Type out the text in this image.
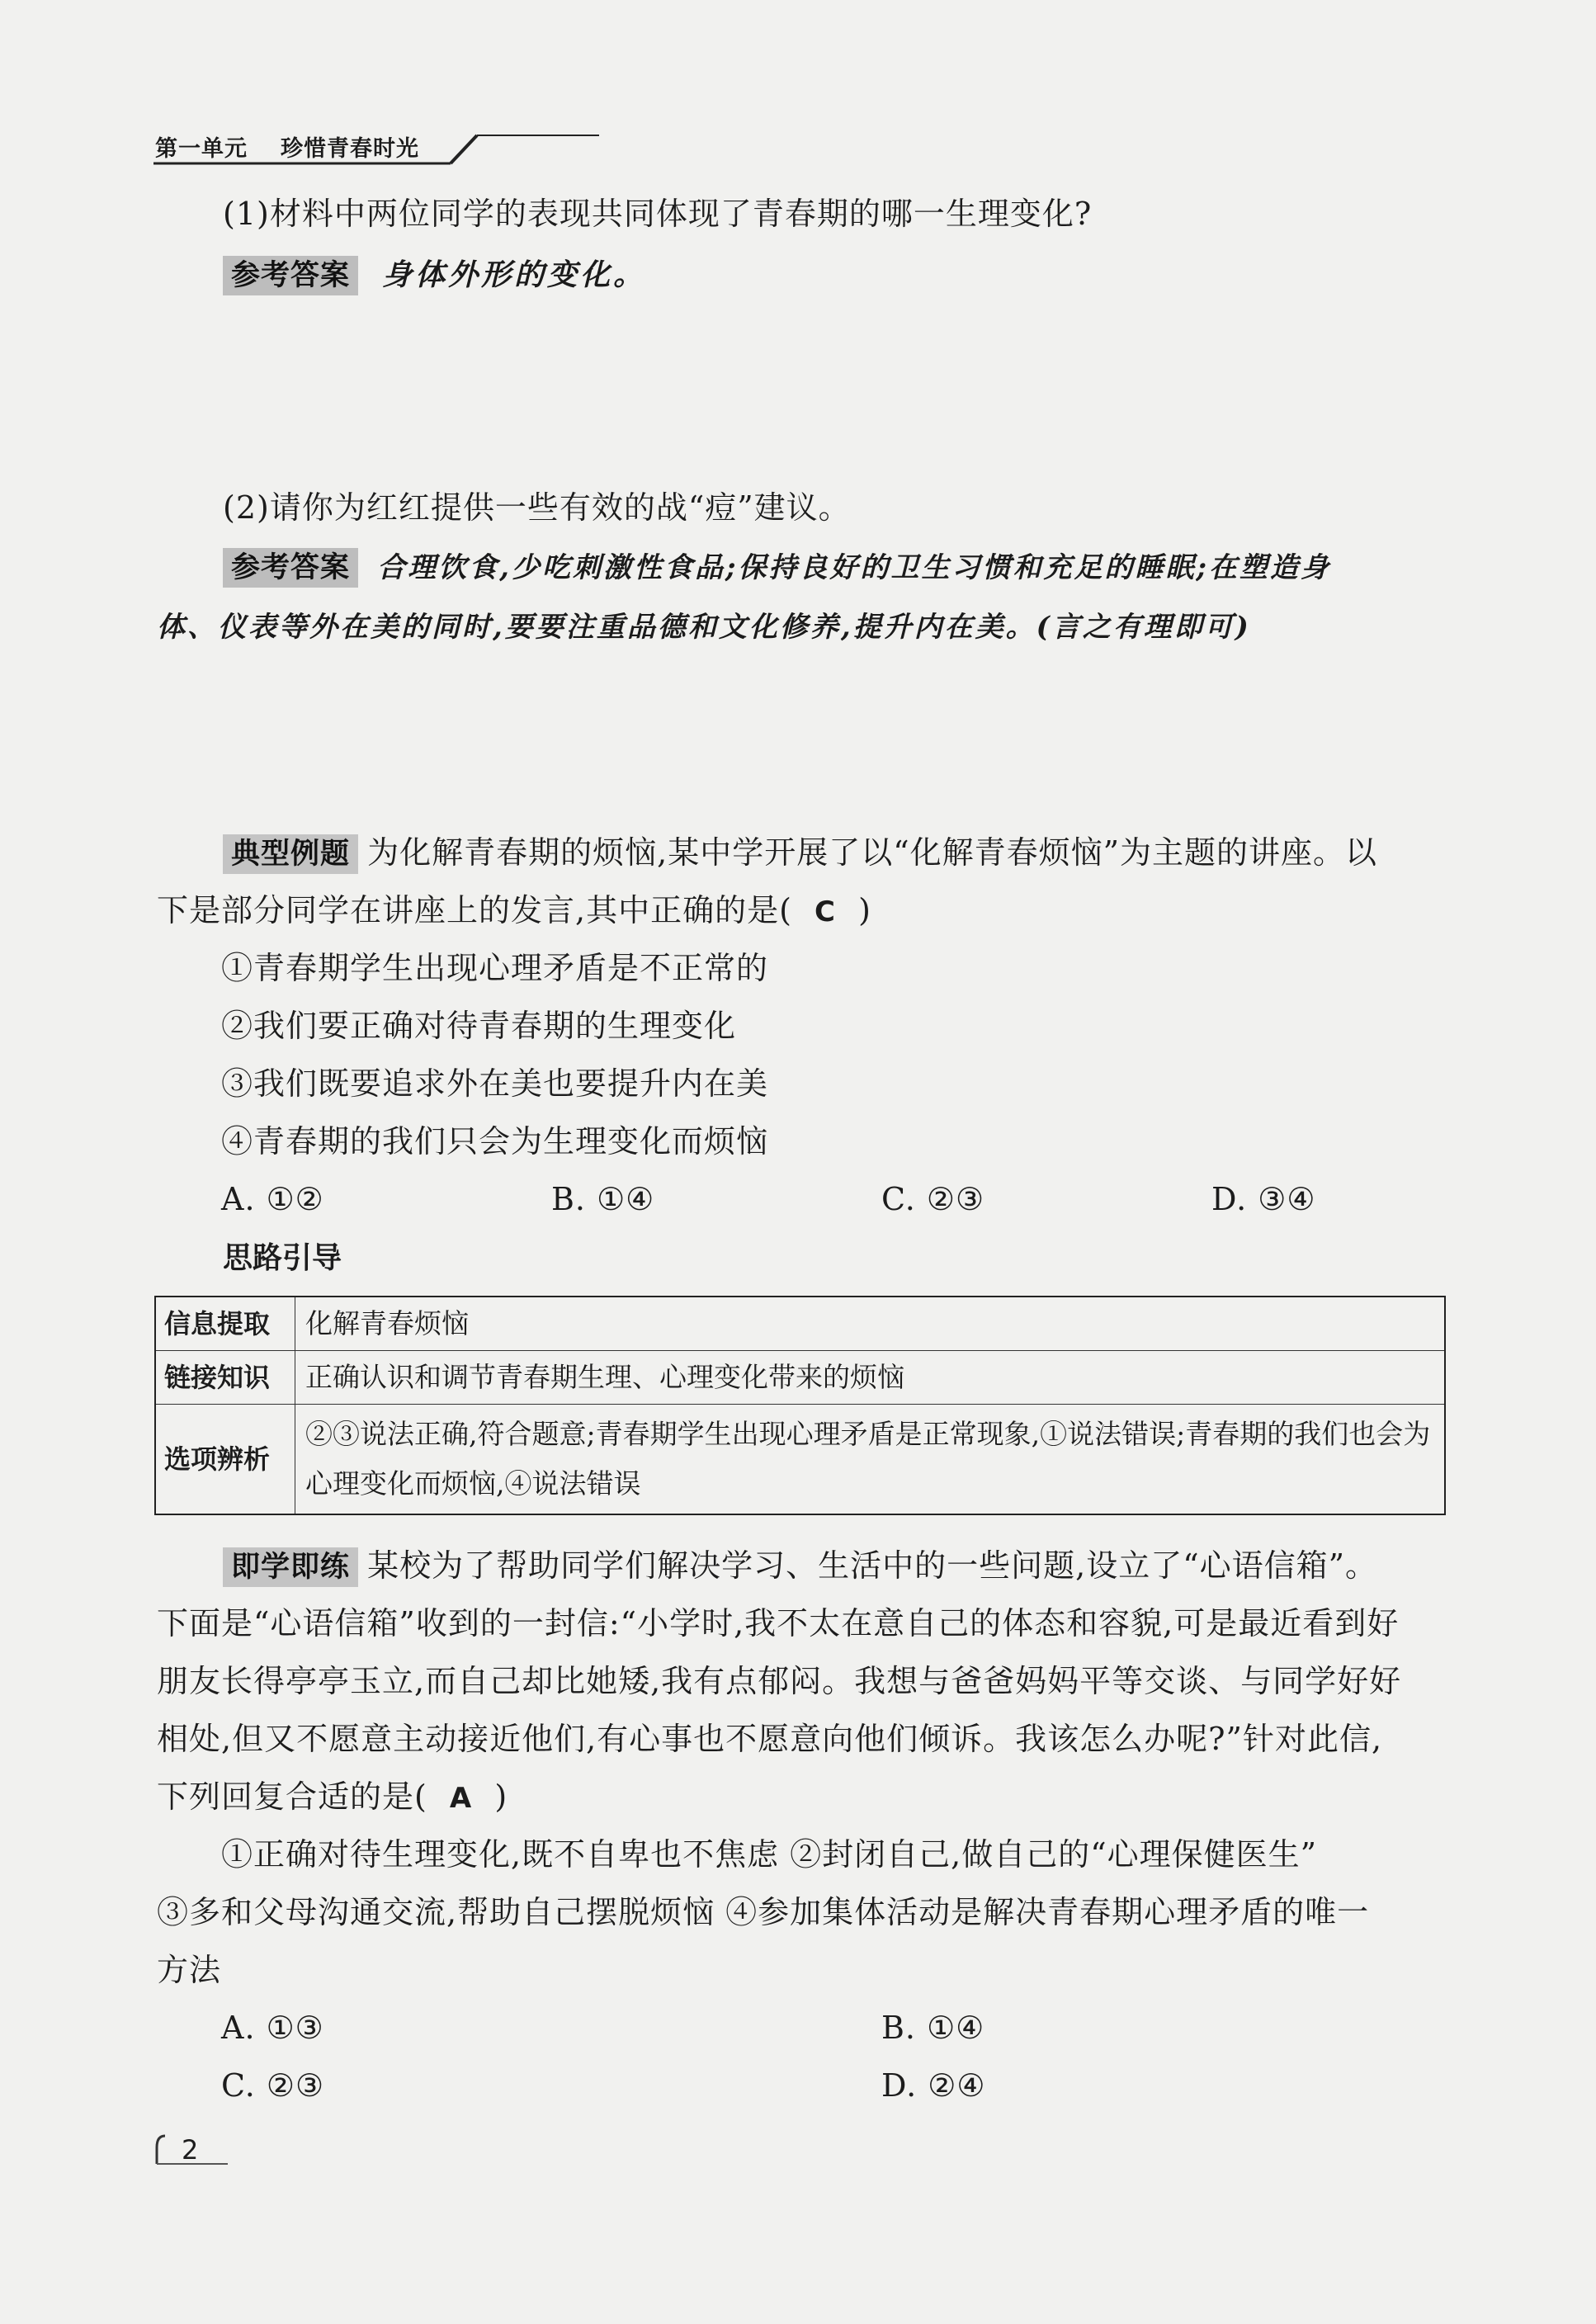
第一单元 珍惜青春时光
(1)材料中两位同学的表现共同体现了青春期的哪一生理变化?
参考答案 身体外形的变化。
(2)请你为红红提供一些有效的战“痘”建议。
参考答案 合理饮食,少吃刺激性食品;保持良好的卫生习惯和充足的睡眠;在塑造身
体、仪表等外在美的同时,要要注重品德和文化修养,提升内在美。(言之有理即可)
典型例题 为化解青春期的烦恼,某中学开展了以“化解青春烦恼”为主题的讲座。以
下是部分同学在讲座上的发言,其中正确的是( C )
①青春期学生出现心理矛盾是不正常的
②我们要正确对待青春期的生理变化
③我们既要追求外在美也要提升内在美
④青春期的我们只会为生理变化而烦恼
A. ①②	B. ①④	C. ②③	D. ③④
思路引导
信息提取	化解青春烦恼
链接知识	正确认识和调节青春期生理、心理变化带来的烦恼
选项辨析	②③说法正确,符合题意;青春期学生出现心理矛盾是正常现象,①说法错误;青春期的我们也会为心理变化而烦恼,④说法错误
即学即练 某校为了帮助同学们解决学习、生活中的一些问题,设立了“心语信箱”。
下面是“心语信箱”收到的一封信:“小学时,我不太在意自己的体态和容貌,可是最近看到好
朋友长得亭亭玉立,而自己却比她矮,我有点郁闷。我想与爸爸妈妈平等交谈、与同学好好
相处,但又不愿意主动接近他们,有心事也不愿意向他们倾诉。我该怎么办呢?”针对此信,
下列回复合适的是( A )
①正确对待生理变化,既不自卑也不焦虑 ②封闭自己,做自己的“心理保健医生”
③多和父母沟通交流,帮助自己摆脱烦恼 ④参加集体活动是解决青春期心理矛盾的唯一
方法
A. ①③	B. ①④
C. ②③	D. ②④
2
